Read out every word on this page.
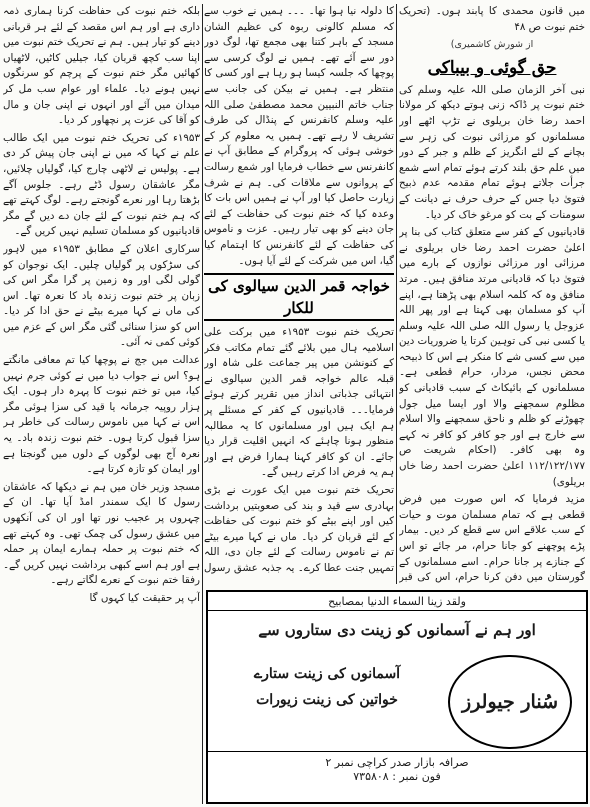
میں قانون محمدی کا پابند ہوں۔ (تحریک ختم نبوت ص ۴۸

از شورش کاشمیری)
حق گوئی و بیباکی

نبی آخر الزمان صلی اللہ علیہ وسلم کی ختم نبوت پر ڈاکہ زنی ہوتے دیکھ کر مولانا احمد رضا خان بریلوی نے تڑپ اٹھے اور مسلمانوں کو مرزائی نبوت کی زہر سے بچانے کے لئے انگریز کے ظلم و جبر کے دور میں علم حق بلند کرتے ہوئے تمام اسے شمع جرأت جلاتے ہوئے تمام مقدمہ عدم ذبیح فتویٰ دیا جس کے حرف حرف نے دیانت کے سومنات کے بت کو مرغو خاک کر دیا۔

قادیانیوں کے کفر سے متعلق کتاب کی بنا پر اعلیٰ حضرت احمد رضا خاں بریلوی نے مرزائی اور مرزائی نوازوں کے بارے میں فتویٰ دیا کہ قادیانی مرتد منافق ہیں۔ مرتد منافق وہ کہ کلمہ اسلام بھی پڑھتا ہے، اپنے آپ کو مسلمان بھی کہتا ہے اور پھر اللہ عزوجل یا رسول اللہ صلی اللہ علیہ وسلم یا کسی نبی کی توہین کرتا یا ضروریات دین میں سے کسی شے کا منکر ہے اس کا ذبیحہ محض نجس، مردار، حرام قطعی ہے۔ مسلمانوں کے بائیکاٹ کے سبب قادیانی کو مظلوم سمجھنے والا اور ایسا میل جول چھوڑنے کو ظلم و ناحق سمجھنے والا اسلام سے خارج ہے اور جو کافر کو کافر نہ کہے وہ بھی کافر۔ (احکام شریعت ص ۱۱۲/۱۲۲/۱۷۷ اعلیٰ حضرت احمد رضا خاں بریلوی)

مزید فرمایا کہ اس صورت میں فرض قطعی ہے کہ تمام مسلمان موت و حیات کے سب علاقے اس سے قطع کر دیں۔ بیمار پڑے پوچھنے کو جانا حرام، مر جائے تو اس کے جنازے پر جانا حرام۔ اسے مسلمانوں کے گورستان میں دفن کرنا حرام، اس کی قبر

کا دلولہ نیا ہوا تھا۔ ۔۔۔ ہمیں نے خوب سے کہ مسلم کالونی ربوہ کی عظیم الشان مسجد کے باہر کتنا بھی مجمع تھا، لوگ دور دور سے آئے تھے۔ ہمیں نے لوگ کرسی سے پوچھا کہ جلسہ کیسا ہو رہا ہے اور کسی کا منتظر ہے۔ ہمیں نے بیکن کی جانب سے جناب خاتم النبیین محمد مصطفیٰ صلی اللہ علیہ وسلم کانفرنس کے پنڈال کی طرف تشریف لا رہے تھے۔ ہمیں یہ معلوم کر کے خوشی ہوئی کہ پروگرام کے مطابق آپ نے کانفرنس سے خطاب فرمایا اور شمع رسالت کے پروانوں سے ملاقات کی۔ ہم نے شرف زیارت حاصل کیا اور آپ نے ہمیں اس بات کا وعدہ کیا کہ ختم نبوت کی حفاظت کے لئے جان دینے کو بھی تیار رہیں۔ عزت و ناموس کی حفاظت کے لئے کانفرنس کا اہتمام کیا گیا، اس میں شرکت کے لئے آیا ہوں۔

خواجہ قمر الدین سیالوی کی للکار

تحریک ختم نبوت ۱۹۵۳ء میں برکت علی اسلامیہ ہال میں بلائے گئے تمام مکاتب فکر کے کنونشن میں پیر جماعت علی شاہ اور قبلہ عالم خواجہ قمر الدین سیالوی نے انتہائی جذباتی انداز میں تقریر کرتے ہوئے فرمایا۔۔۔ قادیانیوں کے کفر کے مسئلے پر ہم ایک ہیں اور مسلمانوں کا یہ مطالبہ منظور ہونا چاہئے کہ انہیں اقلیت قرار دیا جائے۔ ان کو کافر کہنا ہمارا فرض ہے اور ہم یہ فرض ادا کرتے رہیں گے۔

تحریک ختم نبوت میں ایک عورت نے بڑی بہادری سے قید و بند کی صعوبتیں برداشت کیں اور اپنے بیٹے کو ختم نبوت کی حفاظت کے لئے قربان کر دیا۔ ماں نے کہا میرے بیٹے تم نے ناموس رسالت کے لئے جان دی، اللہ تمہیں جنت عطا کرے۔ یہ جذبہ عشق رسول

بلکہ ختم نبوت کی حفاظت کرنا ہماری ذمہ داری ہے اور ہم اس مقصد کے لئے ہر قربانی دینے کو تیار ہیں۔ ہم نے تحریک ختم نبوت میں اپنا سب کچھ قربان کیا، جیلیں کاٹیں، لاٹھیاں کھائیں مگر ختم نبوت کے پرچم کو سرنگوں نہیں ہونے دیا۔ علماء اور عوام سب مل کر میدان میں آئے اور انہوں نے اپنی جان و مال کو آقا کی عزت پر نچھاور کر دیا۔

۱۹۵۳ء کی تحریک ختم نبوت میں ایک طالب علم نے کہا کہ میں نے اپنی جان پیش کر دی ہے۔ پولیس نے لاٹھی چارج کیا، گولیاں چلائیں، مگر عاشقان رسول ڈٹے رہے۔ جلوس آگے بڑھتا رہا اور نعرے گونجتے رہے۔ لوگ کہتے تھے کہ ہم ختم نبوت کے لئے جان دے دیں گے مگر قادیانیوں کو مسلمان تسلیم نہیں کریں گے۔

سرکاری اعلان کے مطابق ۱۹۵۳ء میں لاہور کی سڑکوں پر گولیاں چلیں۔ ایک نوجوان کو گولی لگی اور وہ زمین پر گرا مگر اس کی زبان پر ختم نبوت زندہ باد کا نعرہ تھا۔ اس کی ماں نے کہا میرے بیٹے نے حق ادا کر دیا۔ اس کو سزا سنائی گئی مگر اس کے عزم میں کوئی کمی نہ آئی۔

عدالت میں جج نے پوچھا کیا تم معافی مانگتے ہو؟ اس نے جواب دیا میں نے کوئی جرم نہیں کیا، میں تو ختم نبوت کا پہرہ دار ہوں۔ ایک ہزار روپیہ جرمانہ یا قید کی سزا ہوئی مگر اس نے کہا میں ناموس رسالت کی خاطر ہر سزا قبول کرتا ہوں۔ ختم نبوت زندہ باد۔ یہ نعرہ آج بھی لوگوں کے دلوں میں گونجتا ہے اور ایمان کو تازہ کرتا ہے۔

مسجد وزیر خان میں ہم نے دیکھا کہ عاشقان رسول کا ایک سمندر امڈ آیا تھا۔ ان کے چہروں پر عجیب نور تھا اور ان کی آنکھوں میں عشق رسول کی چمک تھی۔ وہ کہتے تھے کہ ختم نبوت پر حملہ ہمارے ایمان پر حملہ ہے اور ہم اسے کبھی برداشت نہیں کریں گے۔ رفقا ختم نبوت کے نعرے لگاتے رہے۔

آپ پر حقیقت کیا کہوں گا	ولقد زینا السماء الدنیا بمصابیح
اور ہم نے آسمانوں کو زینت دی ستاروں سے
سُنار جیولرز
آسمانوں کی زینت ستارے
خواتین کی زینت زیورات
صرافہ بازار صدر کراچی نمبر ۲
فون نمبر : ۷۳۵۸۰۸
